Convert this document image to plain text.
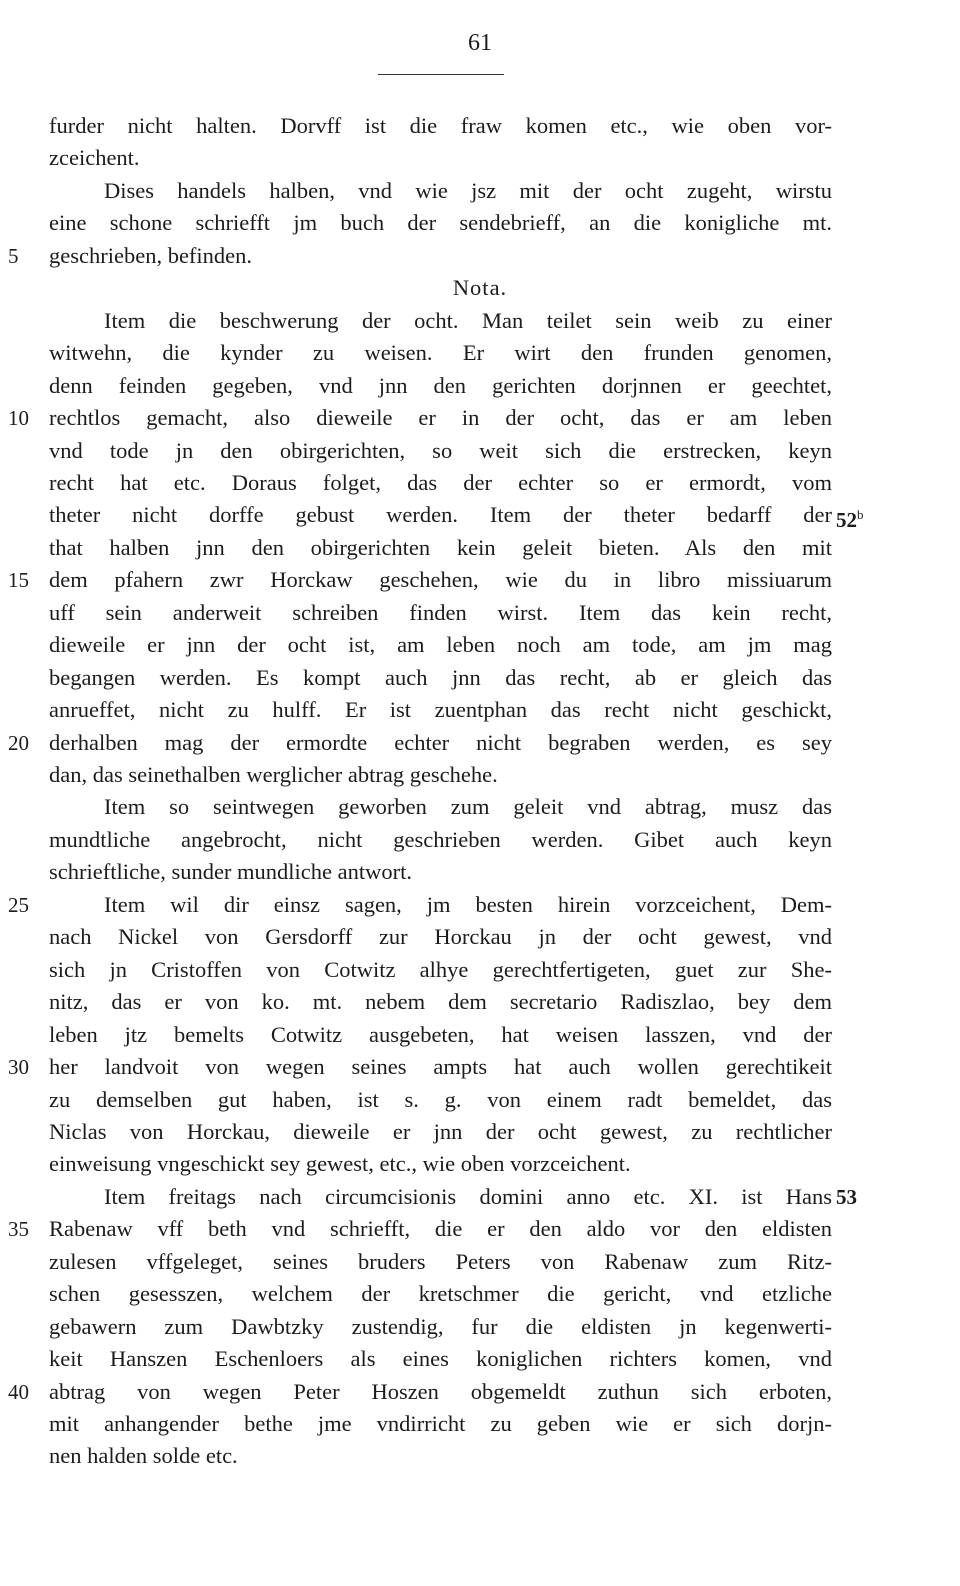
61
furder nicht halten. Dorvff ist die fraw komen etc., wie oben vor-
zceichent.
Dises handels halben, vnd wie jsz mit der ocht zugeht, wirstu
eine schone schriefft jm buch der sendebrieff, an die konigliche mt.
geschrieben, befinden.
5
Nota.
Item die beschwerung der ocht. Man teilet sein weib zu einer
witwehn, die kynder zu weisen. Er wirt den frunden genomen,
denn feinden gegeben, vnd jnn den gerichten dorjnnen er geechtet,
rechtlos gemacht, also dieweile er in der ocht, das er am leben
10
vnd tode jn den obirgerichten, so weit sich die erstrecken, keyn
recht hat etc. Doraus folget, das der echter so er ermordt, vom
theter nicht dorffe gebust werden. Item der theter bedarff der 52$^b$
that halben jnn den obirgerichten kein geleit bieten. Als den mit
dem pfahern zwr Horckaw geschehen, wie du in libro missiuarum
15
uff sein anderweit schreiben finden wirst. Item das kein recht,
dieweile er jnn der ocht ist, am leben noch am tode, am jm mag
begangen werden. Es kompt auch jnn das recht, ab er gleich das
anrueffet, nicht zu hulff. Er ist zuentphan das recht nicht geschickt,
derhalben mag der ermordte echter nicht begraben werden, es sey
20
dan, das seinethalben werglicher abtrag geschehe.
Item so seintwegen geworben zum geleit vnd abtrag, musz das
mundtliche angebrocht, nicht geschrieben werden. Gibet auch keyn
schrieftliche, sunder mundliche antwort.
Item wil dir einsz sagen, jm besten hirein vorzceichent, Dem-
25
nach Nickel von Gersdorff zur Horckau jn der ocht gewest, vnd
sich jn Cristoffen von Cotwitz alhye gerechtfertigeten, guet zur She-
nitz, das er von ko. mt. nebem dem secretario Radiszlao, bey dem
leben jtz bemelts Cotwitz ausgebeten, hat weisen lasszen, vnd der
her landvoit von wegen seines ampts hat auch wollen gerechtikeit
30
zu demselben gut haben, ist s. g. von einem radt bemeldet, das
Niclas von Horckau, dieweile er jnn der ocht gewest, zu rechtlicher
einweisung vngeschickt sey gewest, etc., wie oben vorzceichent.
Item freitags nach circumcisionis domini anno etc. XI. ist Hans 53
Rabenaw vff beth vnd schriefft, die er den aldo vor den eldisten
35
zulesen vffgeleget, seines bruders Peters von Rabenaw zum Ritz-
schen gesesszen, welchem der kretschmer die gericht, vnd etzliche
gebawern zum Dawbtzky zustendig, fur die eldisten jn kegenwerti-
keit Hanszen Eschenloers als eines koniglichen richters komen, vnd
abtrag von wegen Peter Hoszen obgemeldt zuthun sich erboten,
40
mit anhangender bethe jme vndirricht zu geben wie er sich dorjn-
nen halden solde etc.
